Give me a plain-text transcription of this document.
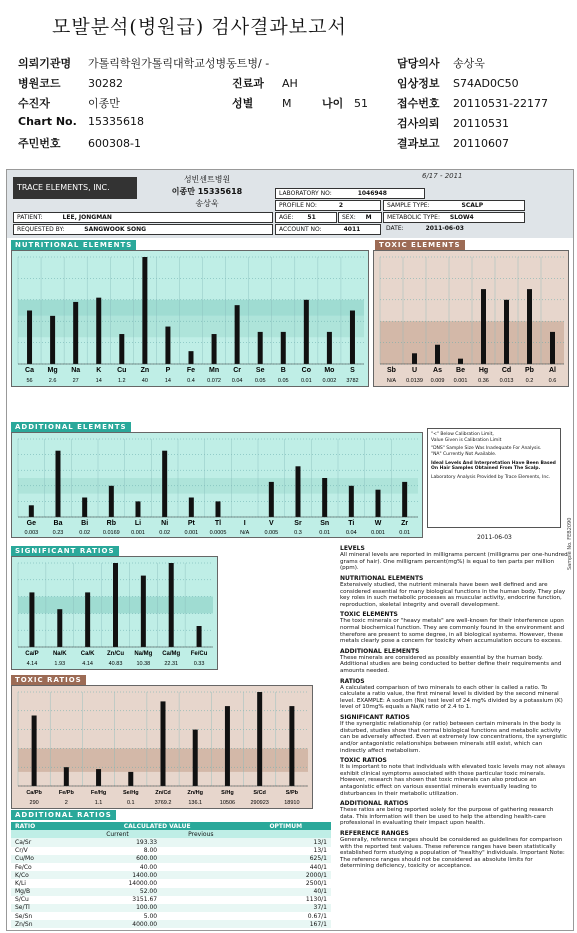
모발분석(병원급) 검사결과보고서
TRACE ELEMENTS, INC.
성빈센트병원
이종만 15335618
송상욱
6/17 - 2011
LABORATORY NO:	1046948
PROFILE NO:	2	SAMPLE TYPE:	SCALP
PATIENT:	LEE, JONGMAN	AGE: 51	SEX: M	METABOLIC TYPE: SLOW4
REQUESTED BY:	SANGWOOK SONG	ACCOUNT NO:	4011	DATE:	2011-06-03
NUTRITIONAL ELEMENTS
Ca
56
Mg
2.6
Na
27
K
14
Cu
1.2
Zn
40
P
14
Fe
0.4
Mn
0.072
Cr
0.04
Se
0.05
B
0.05
Co
0.01
Mo
0.002
S
3782
TOXIC ELEMENTS
Sb
N/A
U
0.0139
As
0.009
Be
0.001
Hg
0.36
Cd
0.013
Pb
0.2
Al
0.6
ADDITIONAL ELEMENTS
Ge
0.003
Ba
0.23
Bi
0.02
Rb
0.0169
Li
0.001
Ni
0.02
Pt
0.001
Tl
0.0005
I
N/A
V
0.005
Sr
0.3
Sn
0.01
Ti
0.04
W
0.001
Zr
0.01
"<" Below Calibration Limit,
Value Given is Calibration Limit
"DNS" Sample Size Was Inadequate For Analysis.
"NA" Currently Not Available.
Ideal Levels And Interpretation Have Been Based On Hair Samples Obtained From The Scalp.
Laboratory Analysis Provided by Trace Elements, Inc.
2011-06-03
SIGNIFICANT RATIOS
Ca/P
4.14
Na/K
1.93
Ca/K
4.14
Zn/Cu
40.83
Na/Mg
10.38
Ca/Mg
22.31
Fe/Cu
0.33
TOXIC RATIOS
Ca/Pb
290
Fe/Pb
2
Fe/Hg
1.1
Se/Hg
0.1
Zn/Cd
3769.2
Zn/Hg
136.1
S/Hg
10506
S/Cd
290923
S/Pb
18910
ADDITIONAL RATIOS
RATIO	CALCULATED VALUE		OPTIMUM
	Current	Previous	
Ca/Sr	193.33		13/1
Cr/V	8.00		13/1
Cu/Mo	600.00		625/1
Fe/Co	40.00		440/1
K/Co	1400.00		2000/1
K/Li	14000.00		2500/1
Mg/B	52.00		40/1
S/Cu	3151.67		1130/1
Se/Tl	100.00		37/1
Se/Sn	5.00		0.67/1
Zn/Sn	4000.00		167/1
LEVELS

All mineral levels are reported in milligrams percent (milligrams per one-hundred grams of hair). One milligram percent(mg%) is equal to ten parts per million (ppm).

NUTRITIONAL ELEMENTS

Extensively studied, the nutrient minerals have been well defined and are considered essential for many biological functions in the human body. They play key roles in such metabolic processes as muscular activity, endocrine function, reproduction, skeletal integrity and overall development.

TOXIC ELEMENTS

The toxic minerals or "heavy metals" are well-known for their interference upon normal biochemical function. They are commonly found in the environment and therefore are present to some degree, in all biological systems. However, these metals clearly pose a concern for toxicity when accumulation occurs to excess.

ADDITIONAL ELEMENTS

These minerals are considered as possibly essential by the human body. Additional studies are being conducted to better define their requirements and amounts needed.

RATIOS

A calculated comparison of two minerals to each other is called a ratio. To calculate a ratio value, the first mineral level is divided by the second mineral level. EXAMPLE: A sodium (Na) test level of 24 mg% divided by a potassium (K) level of 10mg% equals a Na/K ratio of 2.4 to 1.

SIGNIFICANT RATIOS

If the synergistic relationship (or ratio) between certain minerals in the body is disturbed, studies show that normal biological functions and metabolic activity can be adversely affected. Even at extremely low concentrations, the synergistic and/or antagonistic relationships between minerals still exist, which can indirectly affect metabolism.

TOXIC RATIOS

It is important to note that individuals with elevated toxic levels may not always exhibit clinical symptoms associated with those particular toxic minerals. However, research has shown that toxic minerals can also produce an antagonistic effect on various essential minerals eventually leading to disturbances in their metabolic utilization.

ADDITIONAL RATIOS

These ratios are being reported solely for the purpose of gathering research data. This information will then be used to help the attending health-care professional in evaluating their impact upon health.

REFERENCE RANGES

Generally, reference ranges should be considered as guidelines for comparison with the reported test values. These reference ranges have been statistically established form studying a population of "healthy" individuals. Important Note: The reference ranges should not be considered as absolute limits for determining deficiency, toxicity or acceptance.

Sample No. FEB2090
의뢰기관명 가톨릭학원가톨릭대학교성병동트병/ -
병원코드 30282
수진자	이종만
Chart No. 15335618
주민번호 600308-1
진료과 AH
성별	M	나이 51
담당의사 송상욱
임상정보 S74AD0C50
접수번호 20110531-22177
검사의뢰 20110531
결과보고 20110607
